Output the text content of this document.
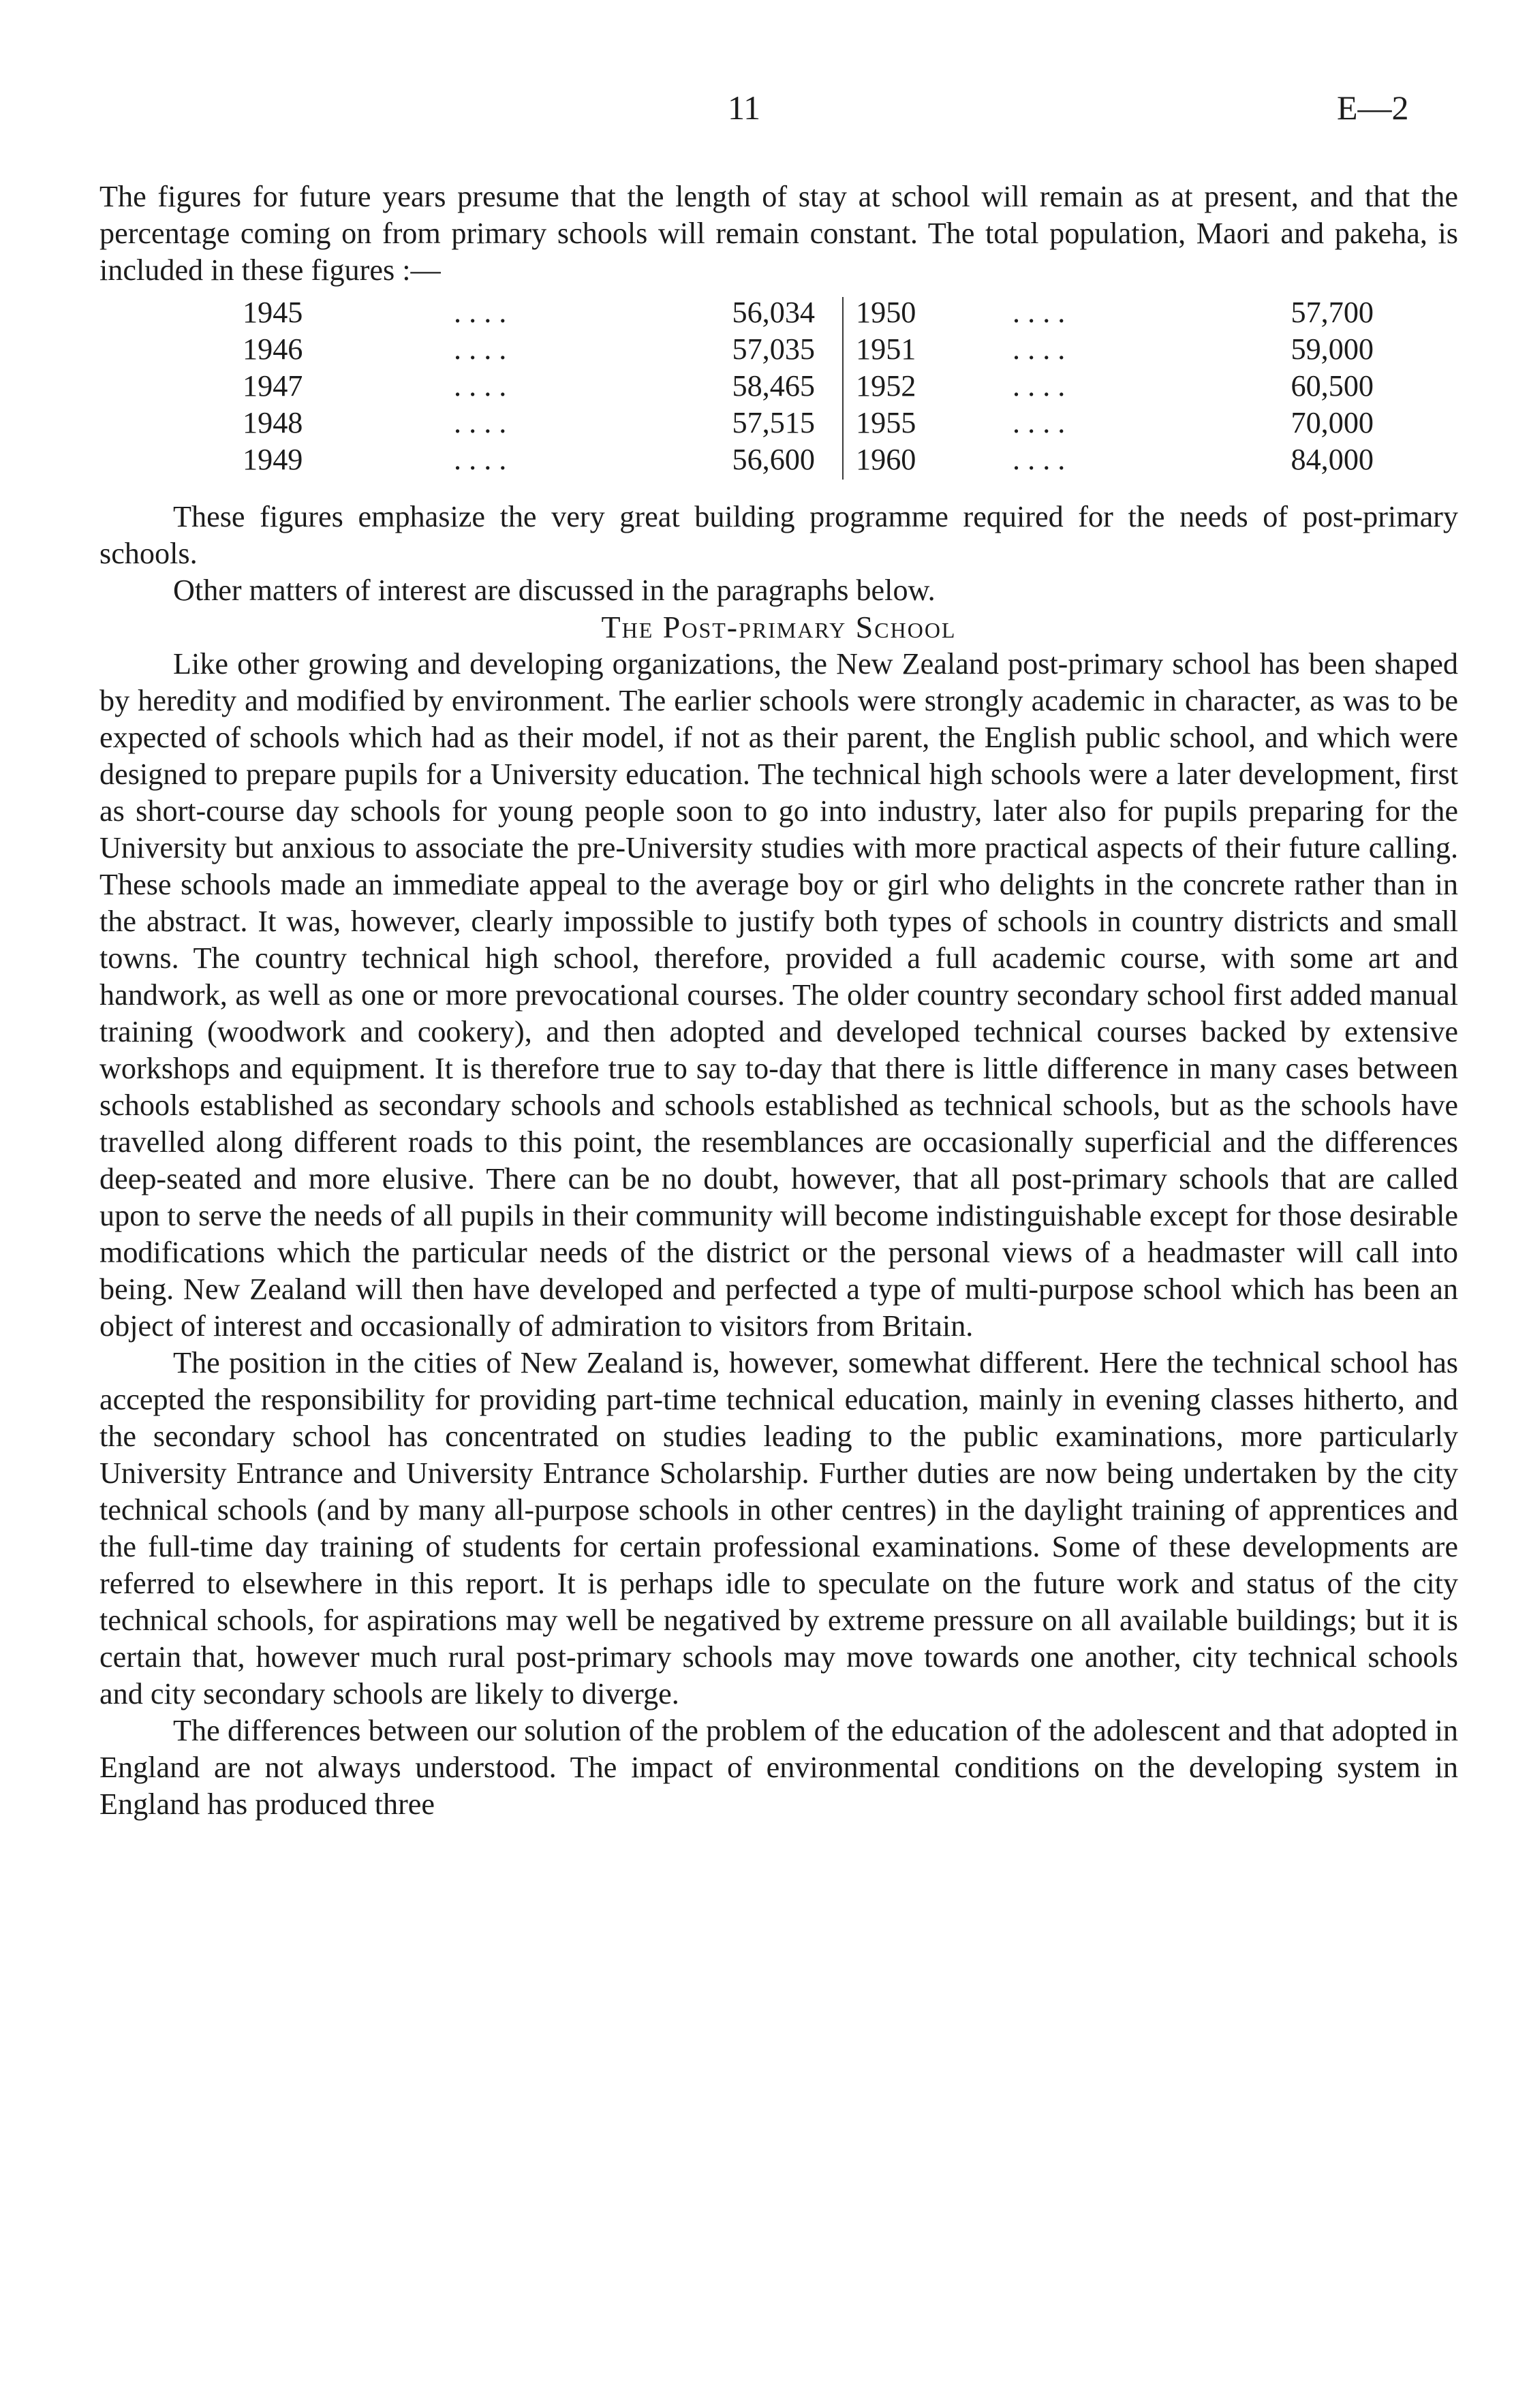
11	E—2

The figures for future years presume that the length of stay at school will remain as at present, and that the percentage coming on from primary schools will remain constant. The total population, Maori and pakeha, is included in these figures :—

1945
1946
1947
1948
1949
. . . .
. . . .
. . . .
. . . .
. . . .
56,034
57,035
58,465
57,515
56,600
1950
1951
1952
1955
1960
. . . .
. . . .
. . . .
. . . .
. . . .
57,700
59,000
60,500
70,000
84,000

These figures emphasize the very great building programme required for the needs of post-primary schools.

Other matters of interest are discussed in the paragraphs below.

The Post-primary School

Like other growing and developing organizations, the New Zealand post-primary school has been shaped by heredity and modified by environment. The earlier schools were strongly academic in character, as was to be expected of schools which had as their model, if not as their parent, the English public school, and which were designed to prepare pupils for a University education. The technical high schools were a later development, first as short-course day schools for young people soon to go into industry, later also for pupils preparing for the University but anxious to associate the pre-University studies with more practical aspects of their future calling. These schools made an immediate appeal to the average boy or girl who delights in the concrete rather than in the abstract. It was, however, clearly impossible to justify both types of schools in country districts and small towns. The country technical high school, therefore, provided a full academic course, with some art and handwork, as well as one or more prevocational courses. The older country secondary school first added manual training (woodwork and cookery), and then adopted and developed technical courses backed by extensive workshops and equipment. It is therefore true to say to-day that there is little difference in many cases between schools established as secondary schools and schools established as technical schools, but as the schools have travelled along different roads to this point, the resemblances are occasionally superficial and the differences deep-seated and more elusive. There can be no doubt, however, that all post-primary schools that are called upon to serve the needs of all pupils in their community will become indistinguishable except for those desirable modifications which the particular needs of the district or the personal views of a headmaster will call into being. New Zealand will then have developed and perfected a type of multi-purpose school which has been an object of interest and occasionally of admiration to visitors from Britain.

The position in the cities of New Zealand is, however, somewhat different. Here the technical school has accepted the responsibility for providing part-time technical education, mainly in evening classes hitherto, and the secondary school has concentrated on studies leading to the public examinations, more particularly University Entrance and University Entrance Scholarship. Further duties are now being undertaken by the city technical schools (and by many all-purpose schools in other centres) in the daylight training of apprentices and the full-time day training of students for certain professional examinations. Some of these developments are referred to elsewhere in this report. It is perhaps idle to speculate on the future work and status of the city technical schools, for aspirations may well be negatived by extreme pressure on all available buildings; but it is certain that, however much rural post-primary schools may move towards one another, city technical schools and city secondary schools are likely to diverge.

The differences between our solution of the problem of the education of the adolescent and that adopted in England are not always understood. The impact of environmental conditions on the developing system in England has produced three
